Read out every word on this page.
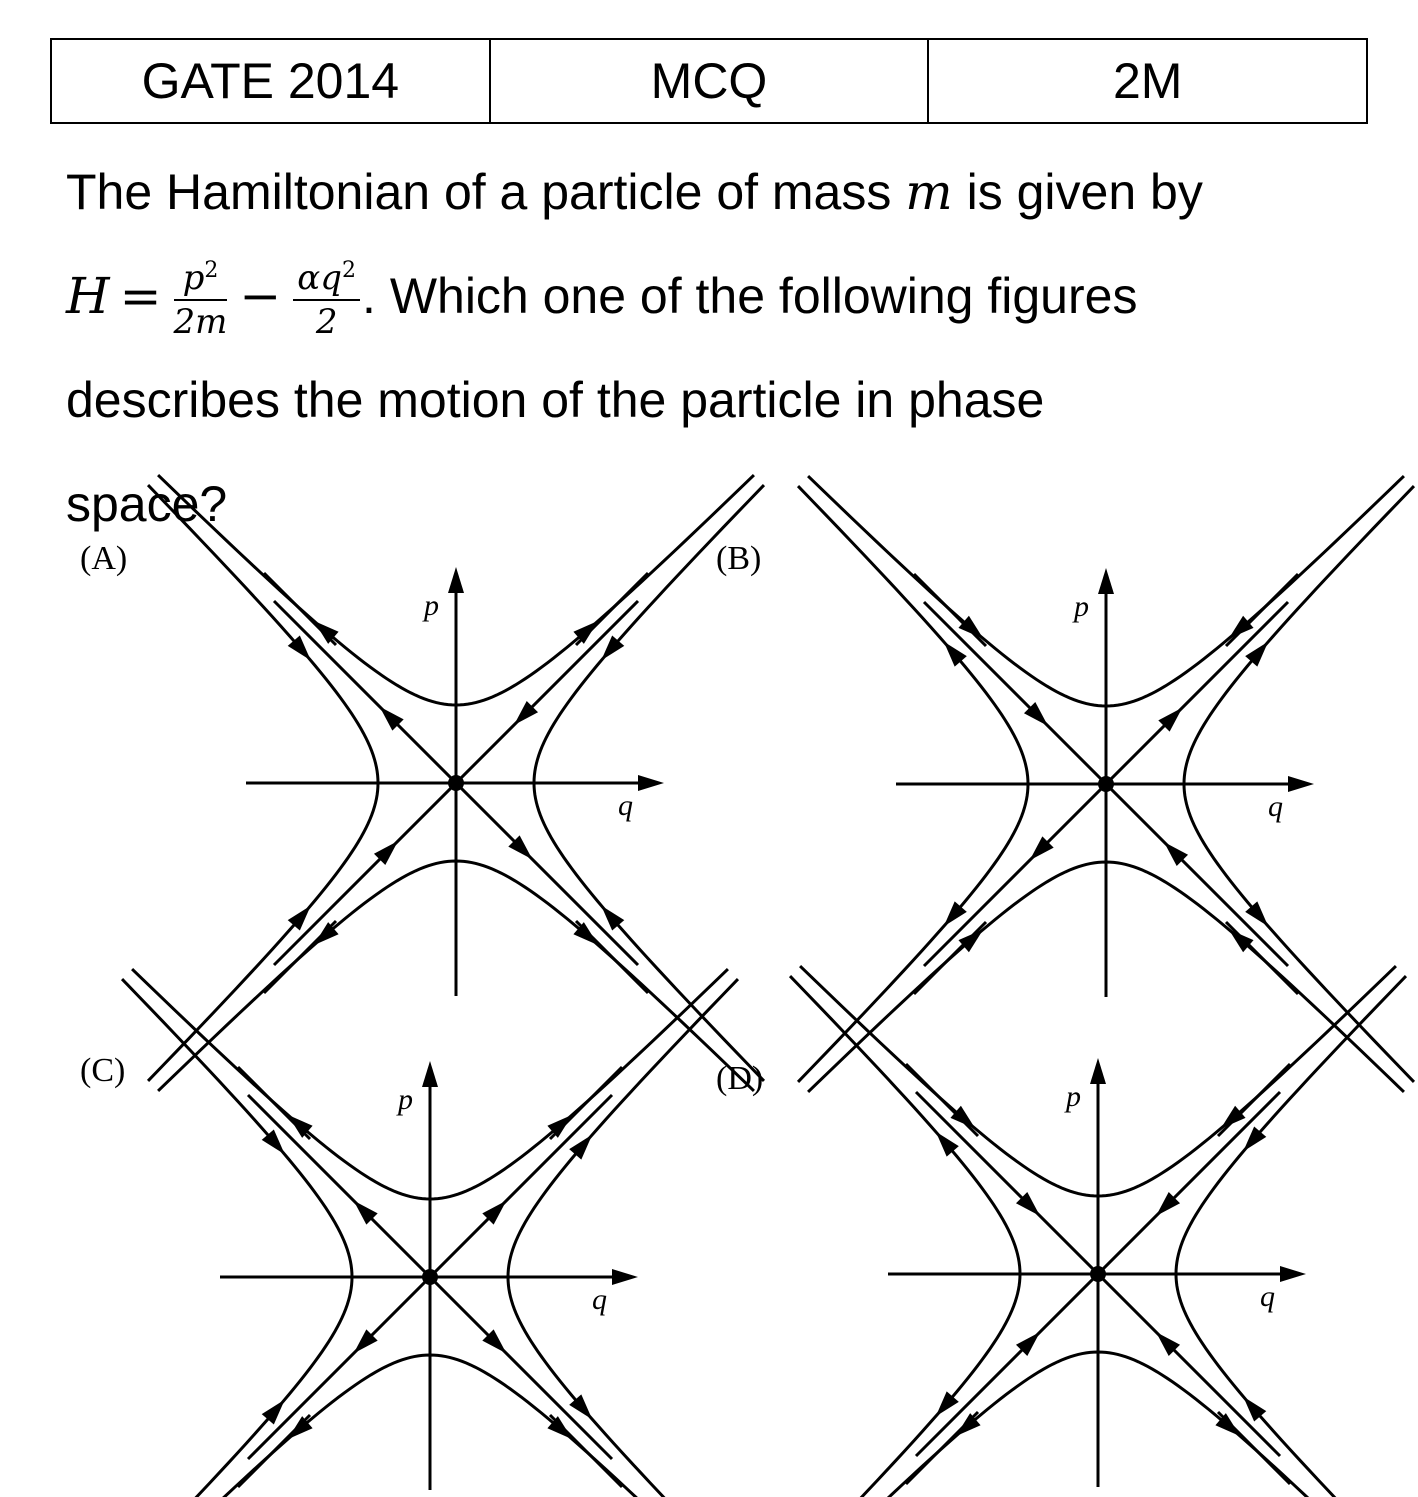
GATE 2014	MCQ	2M
The Hamiltonian of a particle of mass m is given by
$H = \frac{p^2}{2m} - \frac{\alpha q^2}{2}$ . Which one of the following figures
describes the motion of the particle in phase
space?
(A)	(B)
(C)	(D)
p
q
p
q
p
q
p
q
